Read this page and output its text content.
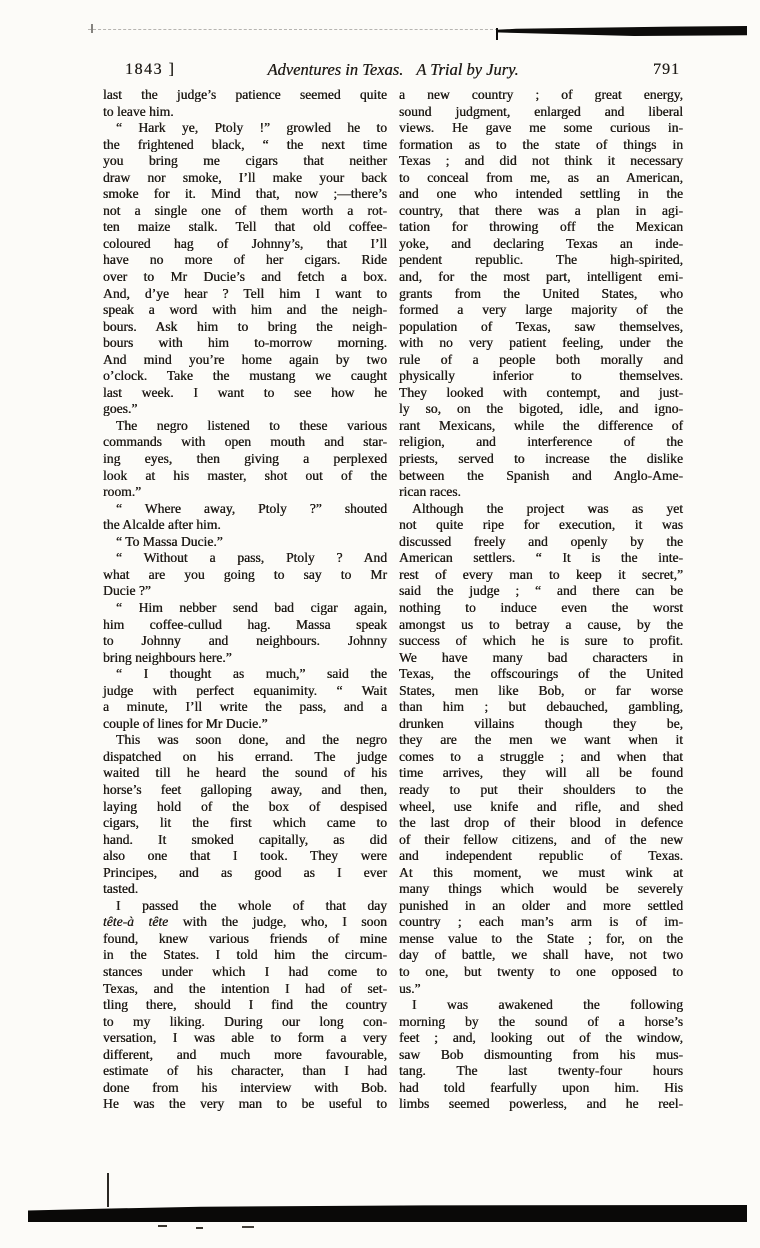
1843 ]	Adventures in Texas. A Trial by Jury.	791
last the judge’s patience seemed quite
to leave him.
“ Hark ye, Ptoly !” growled he to
the frightened black, “ the next time
you bring me cigars that neither
draw nor smoke, I’ll make your back
smoke for it. Mind that, now ;—there’s
not a single one of them worth a rot-
ten maize stalk. Tell that old coffee-
coloured hag of Johnny’s, that I’ll
have no more of her cigars. Ride
over to Mr Ducie’s and fetch a box.
And, d’ye hear ? Tell him I want to
speak a word with him and the neigh-
bours. Ask him to bring the neigh-
bours with him to-morrow morning.
And mind you’re home again by two
o’clock. Take the mustang we caught
last week. I want to see how he
goes.”
The negro listened to these various
commands with open mouth and star-
ing eyes, then giving a perplexed
look at his master, shot out of the
room.”
“ Where away, Ptoly ?” shouted
the Alcalde after him.
“ To Massa Ducie.”
“ Without a pass, Ptoly ? And
what are you going to say to Mr
Ducie ?”
“ Him nebber send bad cigar again,
him coffee-cullud hag. Massa speak
to Johnny and neighbours. Johnny
bring neighbours here.”
“ I thought as much,” said the
judge with perfect equanimity. “ Wait
a minute, I’ll write the pass, and a
couple of lines for Mr Ducie.”
This was soon done, and the negro
dispatched on his errand. The judge
waited till he heard the sound of his
horse’s feet galloping away, and then,
laying hold of the box of despised
cigars, lit the first which came to
hand. It smoked capitally, as did
also one that I took. They were
Principes, and as good as I ever
tasted.
I passed the whole of that day
tête-à tête with the judge, who, I soon
found, knew various friends of mine
in the States. I told him the circum-
stances under which I had come to
Texas, and the intention I had of set-
tling there, should I find the country
to my liking. During our long con-
versation, I was able to form a very
different, and much more favourable,
estimate of his character, than I had
done from his interview with Bob.
He was the very man to be useful to
a new country ; of great energy,
sound judgment, enlarged and liberal
views. He gave me some curious in-
formation as to the state of things in
Texas ; and did not think it necessary
to conceal from me, as an American,
and one who intended settling in the
country, that there was a plan in agi-
tation for throwing off the Mexican
yoke, and declaring Texas an inde-
pendent republic. The high-spirited,
and, for the most part, intelligent emi-
grants from the United States, who
formed a very large majority of the
population of Texas, saw themselves,
with no very patient feeling, under the
rule of a people both morally and
physically inferior to themselves.
They looked with contempt, and just-
ly so, on the bigoted, idle, and igno-
rant Mexicans, while the difference of
religion, and interference of the
priests, served to increase the dislike
between the Spanish and Anglo-Ame-
rican races.
Although the project was as yet
not quite ripe for execution, it was
discussed freely and openly by the
American settlers. “ It is the inte-
rest of every man to keep it secret,”
said the judge ; “ and there can be
nothing to induce even the worst
amongst us to betray a cause, by the
success of which he is sure to profit.
We have many bad characters in
Texas, the offscourings of the United
States, men like Bob, or far worse
than him ; but debauched, gambling,
drunken villains though they be,
they are the men we want when it
comes to a struggle ; and when that
time arrives, they will all be found
ready to put their shoulders to the
wheel, use knife and rifle, and shed
the last drop of their blood in defence
of their fellow citizens, and of the new
and independent republic of Texas.
At this moment, we must wink at
many things which would be severely
punished in an older and more settled
country ; each man’s arm is of im-
mense value to the State ; for, on the
day of battle, we shall have, not two
to one, but twenty to one opposed to
us.”
I was awakened the following
morning by the sound of a horse’s
feet ; and, looking out of the window,
saw Bob dismounting from his mus-
tang. The last twenty-four hours
had told fearfully upon him. His
limbs seemed powerless, and he reel-
